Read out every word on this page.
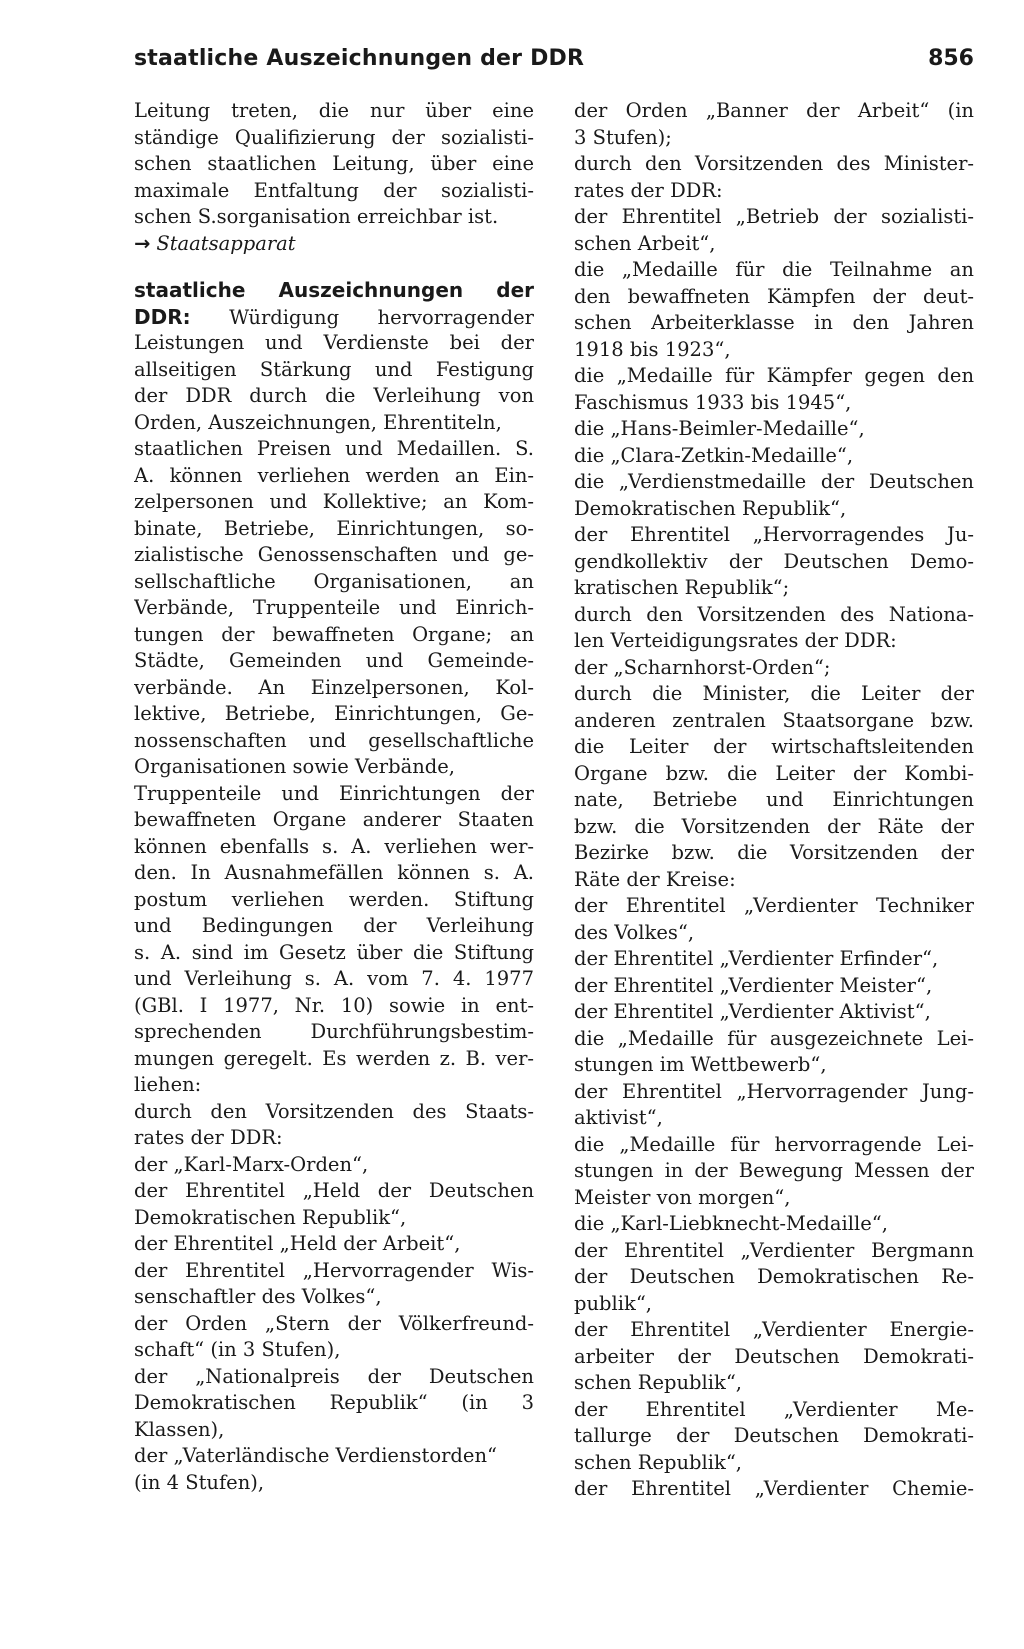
staatliche Auszeichnungen der DDR	856
Leitung treten, die nur über eine
ständige Qualifizierung der sozialisti-
schen staatlichen Leitung, über eine
maximale Entfaltung der sozialisti-
schen S.sorganisation erreichbar ist.
→ Staatsapparat
staatliche Auszeichnungen der
DDR: Würdigung hervorragender
Leistungen und Verdienste bei der
allseitigen Stärkung und Festigung
der DDR durch die Verleihung von
Orden, Auszeichnungen, Ehrentiteln,
staatlichen Preisen und Medaillen. S.
A. können verliehen werden an Ein-
zelpersonen und Kollektive; an Kom-
binate, Betriebe, Einrichtungen, so-
zialistische Genossenschaften und ge-
sellschaftliche Organisationen, an
Verbände, Truppenteile und Einrich-
tungen der bewaffneten Organe; an
Städte, Gemeinden und Gemeinde-
verbände. An Einzelpersonen, Kol-
lektive, Betriebe, Einrichtungen, Ge-
nossenschaften und gesellschaftliche
Organisationen sowie Verbände,
Truppenteile und Einrichtungen der
bewaffneten Organe anderer Staaten
können ebenfalls s. A. verliehen wer-
den. In Ausnahmefällen können s. A.
postum verliehen werden. Stiftung
und Bedingungen der Verleihung
s. A. sind im Gesetz über die Stiftung
und Verleihung s. A. vom 7. 4. 1977
(GBl. I 1977, Nr. 10) sowie in ent-
sprechenden Durchführungsbestim-
mungen geregelt. Es werden z. B. ver-
liehen:
durch den Vorsitzenden des Staats-
rates der DDR:
der „Karl-Marx-Orden“,
der Ehrentitel „Held der Deutschen
Demokratischen Republik“,
der Ehrentitel „Held der Arbeit“,
der Ehrentitel „Hervorragender Wis-
senschaftler des Volkes“,
der Orden „Stern der Völkerfreund-
schaft“ (in 3 Stufen),
der „Nationalpreis der Deutschen
Demokratischen Republik“ (in 3
Klassen),
der „Vaterländische Verdienstorden“
(in 4 Stufen),
der Orden „Banner der Arbeit“ (in
3 Stufen);
durch den Vorsitzenden des Minister-
rates der DDR:
der Ehrentitel „Betrieb der sozialisti-
schen Arbeit“,
die „Medaille für die Teilnahme an
den bewaffneten Kämpfen der deut-
schen Arbeiterklasse in den Jahren
1918 bis 1923“,
die „Medaille für Kämpfer gegen den
Faschismus 1933 bis 1945“,
die „Hans-Beimler-Medaille“,
die „Clara-Zetkin-Medaille“,
die „Verdienstmedaille der Deutschen
Demokratischen Republik“,
der Ehrentitel „Hervorragendes Ju-
gendkollektiv der Deutschen Demo-
kratischen Republik“;
durch den Vorsitzenden des Nationa-
len Verteidigungsrates der DDR:
der „Scharnhorst-Orden“;
durch die Minister, die Leiter der
anderen zentralen Staatsorgane bzw.
die Leiter der wirtschaftsleitenden
Organe bzw. die Leiter der Kombi-
nate, Betriebe und Einrichtungen
bzw. die Vorsitzenden der Räte der
Bezirke bzw. die Vorsitzenden der
Räte der Kreise:
der Ehrentitel „Verdienter Techniker
des Volkes“,
der Ehrentitel „Verdienter Erfinder“,
der Ehrentitel „Verdienter Meister“,
der Ehrentitel „Verdienter Aktivist“,
die „Medaille für ausgezeichnete Lei-
stungen im Wettbewerb“,
der Ehrentitel „Hervorragender Jung-
aktivist“,
die „Medaille für hervorragende Lei-
stungen in der Bewegung Messen der
Meister von morgen“,
die „Karl-Liebknecht-Medaille“,
der Ehrentitel „Verdienter Bergmann
der Deutschen Demokratischen Re-
publik“,
der Ehrentitel „Verdienter Energie-
arbeiter der Deutschen Demokrati-
schen Republik“,
der Ehrentitel „Verdienter Me-
tallurge der Deutschen Demokrati-
schen Republik“,
der Ehrentitel „Verdienter Chemie-
